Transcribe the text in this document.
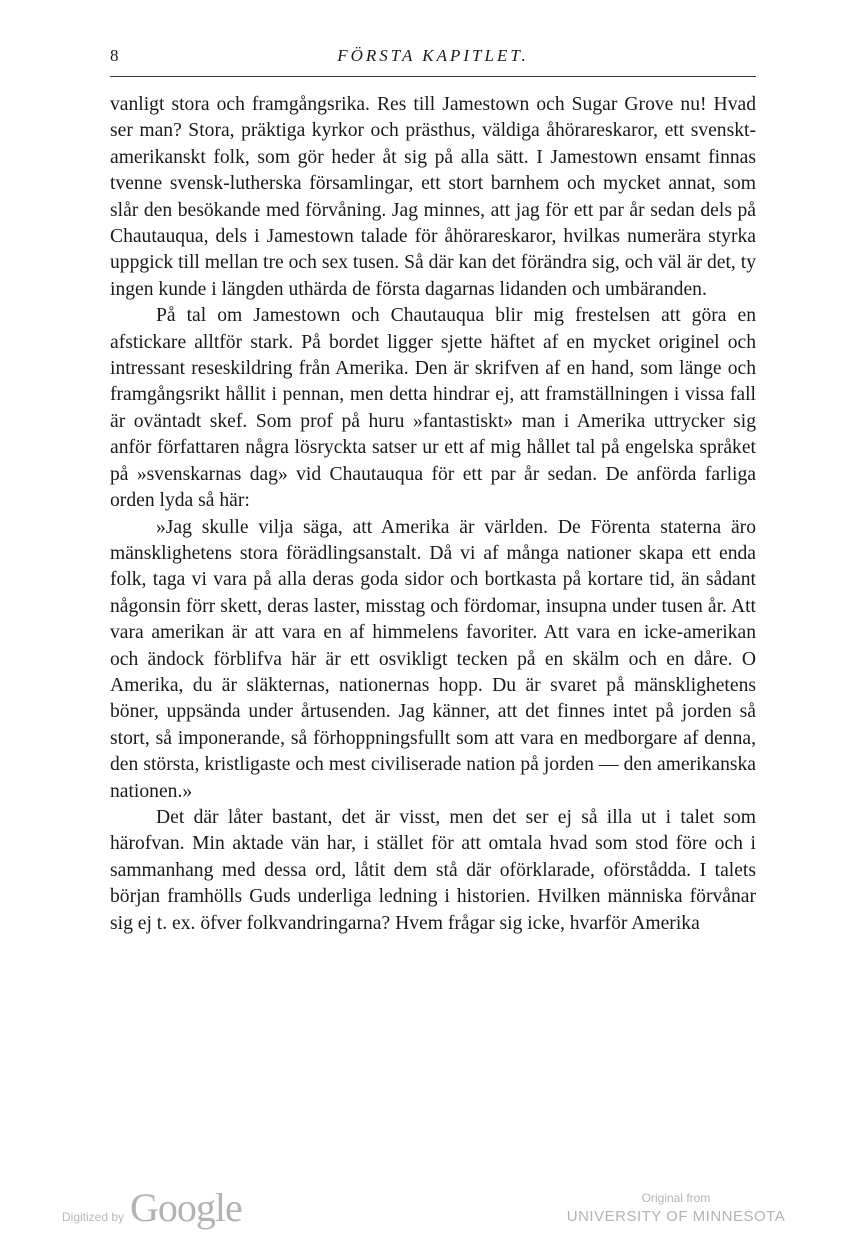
8	FÖRSTA KAPITLET.

vanligt stora och framgångsrika. Res till Jamestown och Sugar Grove nu! Hvad ser man? Stora, präktiga kyrkor och prästhus, väldiga åhörareskaror, ett svenskt-amerikanskt folk, som gör heder åt sig på alla sätt. I Jamestown ensamt finnas tvenne svensk-lutherska församlingar, ett stort barnhem och mycket annat, som slår den besökande med förvåning. Jag minnes, att jag för ett par år sedan dels på Chautauqua, dels i Jamestown talade för åhörareskaror, hvilkas numerära styrka uppgick till mellan tre och sex tusen. Så där kan det förändra sig, och väl är det, ty ingen kunde i längden uthärda de första dagarnas lidanden och umbäranden.

På tal om Jamestown och Chautauqua blir mig frestelsen att göra en afstickare alltför stark. På bordet ligger sjette häftet af en mycket originel och intressant reseskildring från Amerika. Den är skrifven af en hand, som länge och framgångsrikt hållit i pennan, men detta hindrar ej, att framställningen i vissa fall är oväntadt skef. Som prof på huru »fantastiskt» man i Amerika uttrycker sig anför författaren några lösryckta satser ur ett af mig hållet tal på engelska språket på »svenskarnas dag» vid Chautauqua för ett par år sedan. De anförda farliga orden lyda så här:

»Jag skulle vilja säga, att Amerika är världen. De Förenta staterna äro mänsklighetens stora förädlingsanstalt. Då vi af många nationer skapa ett enda folk, taga vi vara på alla deras goda sidor och bortkasta på kortare tid, än sådant någonsin förr skett, deras laster, misstag och fördomar, insupna under tusen år. Att vara amerikan är att vara en af himmelens favoriter. Att vara en icke-amerikan och ändock förblifva här är ett osvikligt tecken på en skälm och en dåre. O Amerika, du är släkternas, nationernas hopp. Du är svaret på mänsklighetens böner, uppsända under årtusenden. Jag känner, att det finnes intet på jorden så stort, så imponerande, så förhoppningsfullt som att vara en medborgare af denna, den största, kristligaste och mest civiliserade nation på jorden — den amerikanska nationen.»

Det där låter bastant, det är visst, men det ser ej så illa ut i talet som härofvan. Min aktade vän har, i stället för att omtala hvad som stod före och i sammanhang med dessa ord, låtit dem stå där oförklarade, oförstådda. I talets början framhölls Guds underliga ledning i historien. Hvilken människa förvånar sig ej t. ex. öfver folkvandringarna? Hvem frågar sig icke, hvarför Amerika

Digitized by Google	Original from
UNIVERSITY OF MINNESOTA
